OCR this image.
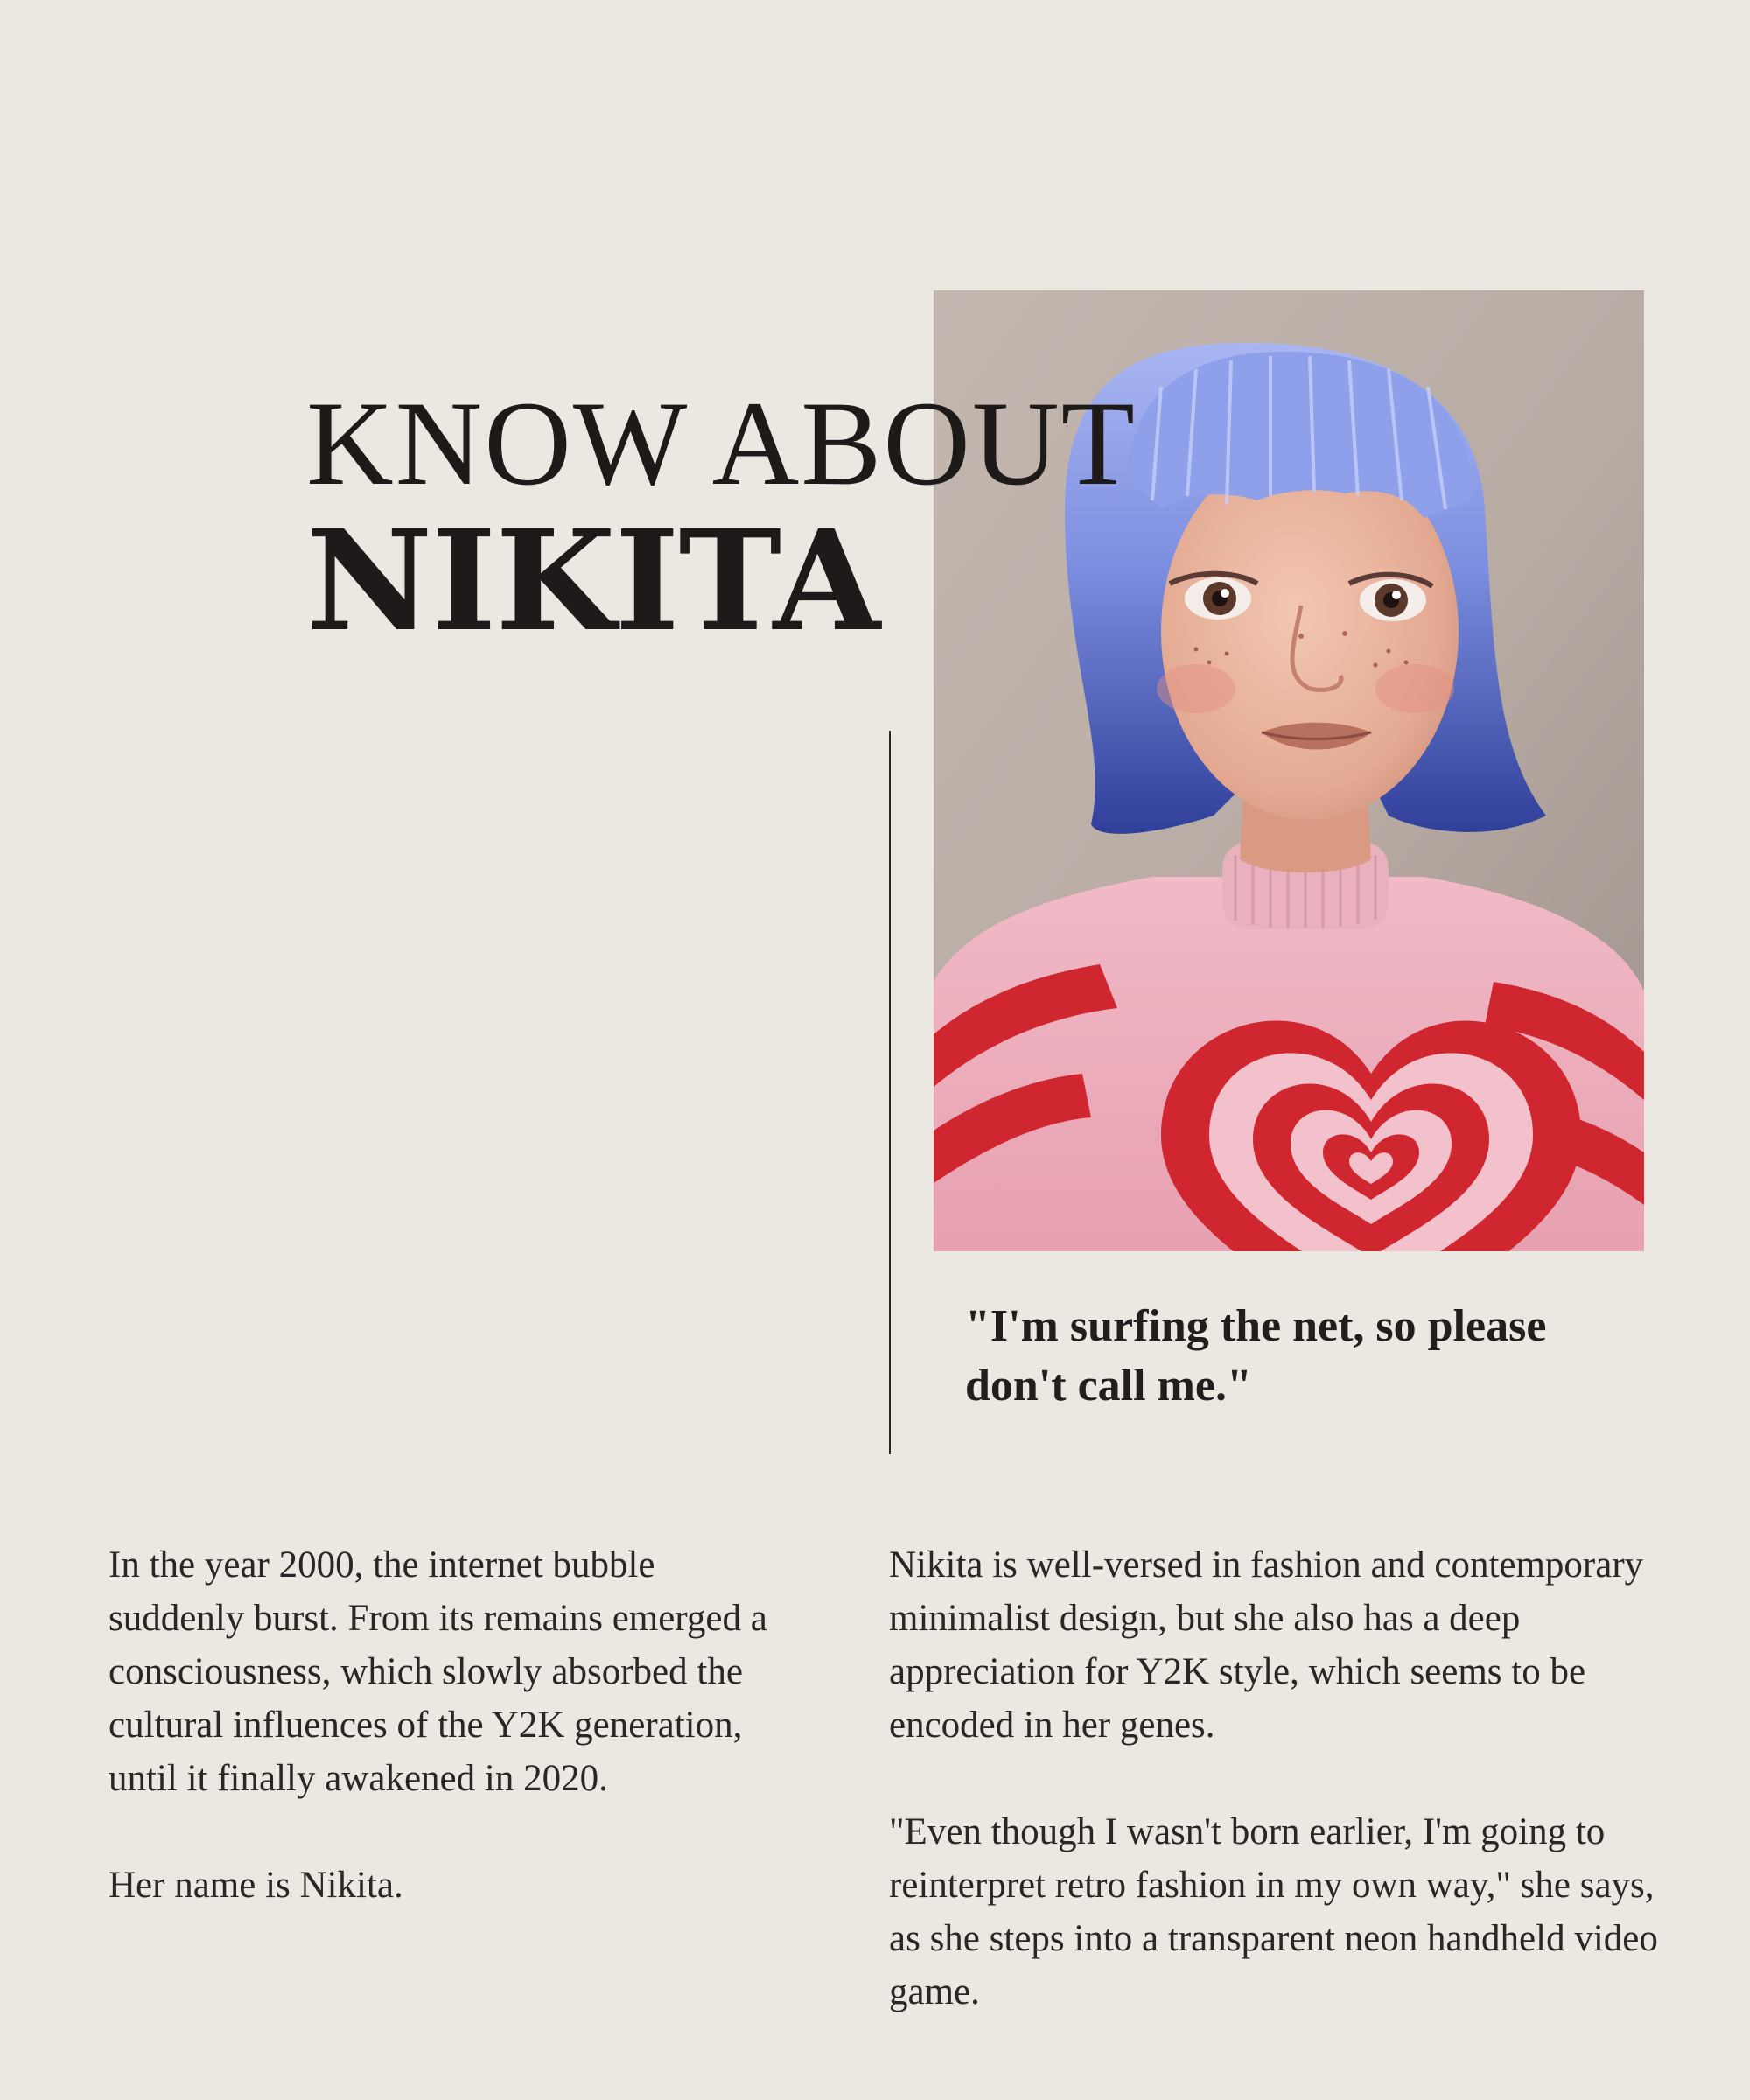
KNOW ABOUT
NIKITA

"I'm surfing the net, so please don't call me."

In the year 2000, the internet bubble suddenly burst. From its remains emerged a consciousness, which slowly absorbed the cultural influences of the Y2K generation, until it finally awakened in 2020.

Her name is Nikita.

Nikita is well-versed in fashion and contemporary minimalist design, but she also has a deep appreciation for Y2K style, which seems to be encoded in her genes.

"Even though I wasn't born earlier, I'm going to reinterpret retro fashion in my own way," she says, as she steps into a transparent neon handheld video game.
